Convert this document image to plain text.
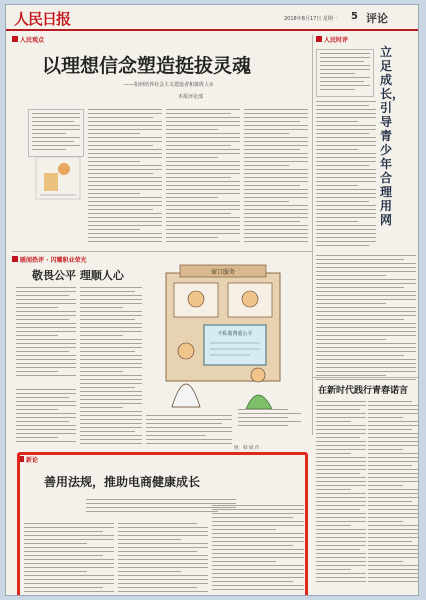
人民日报	2018年8月17日 星期一 5 评论
人民观点
以理想信念塑造挺拔灵魂
——如何培养社会主义建设者和接班人①
本报评论部
人民时评
立足成长，引导青少年合理用网
在新时代践行青春诺言
暖闻热评 · 闪耀职业荣光
敬畏公平 理顺人心	窗口服务
不私收费重公平
图：韩 斌 作
新论
善用法规，推助电商健康成长
